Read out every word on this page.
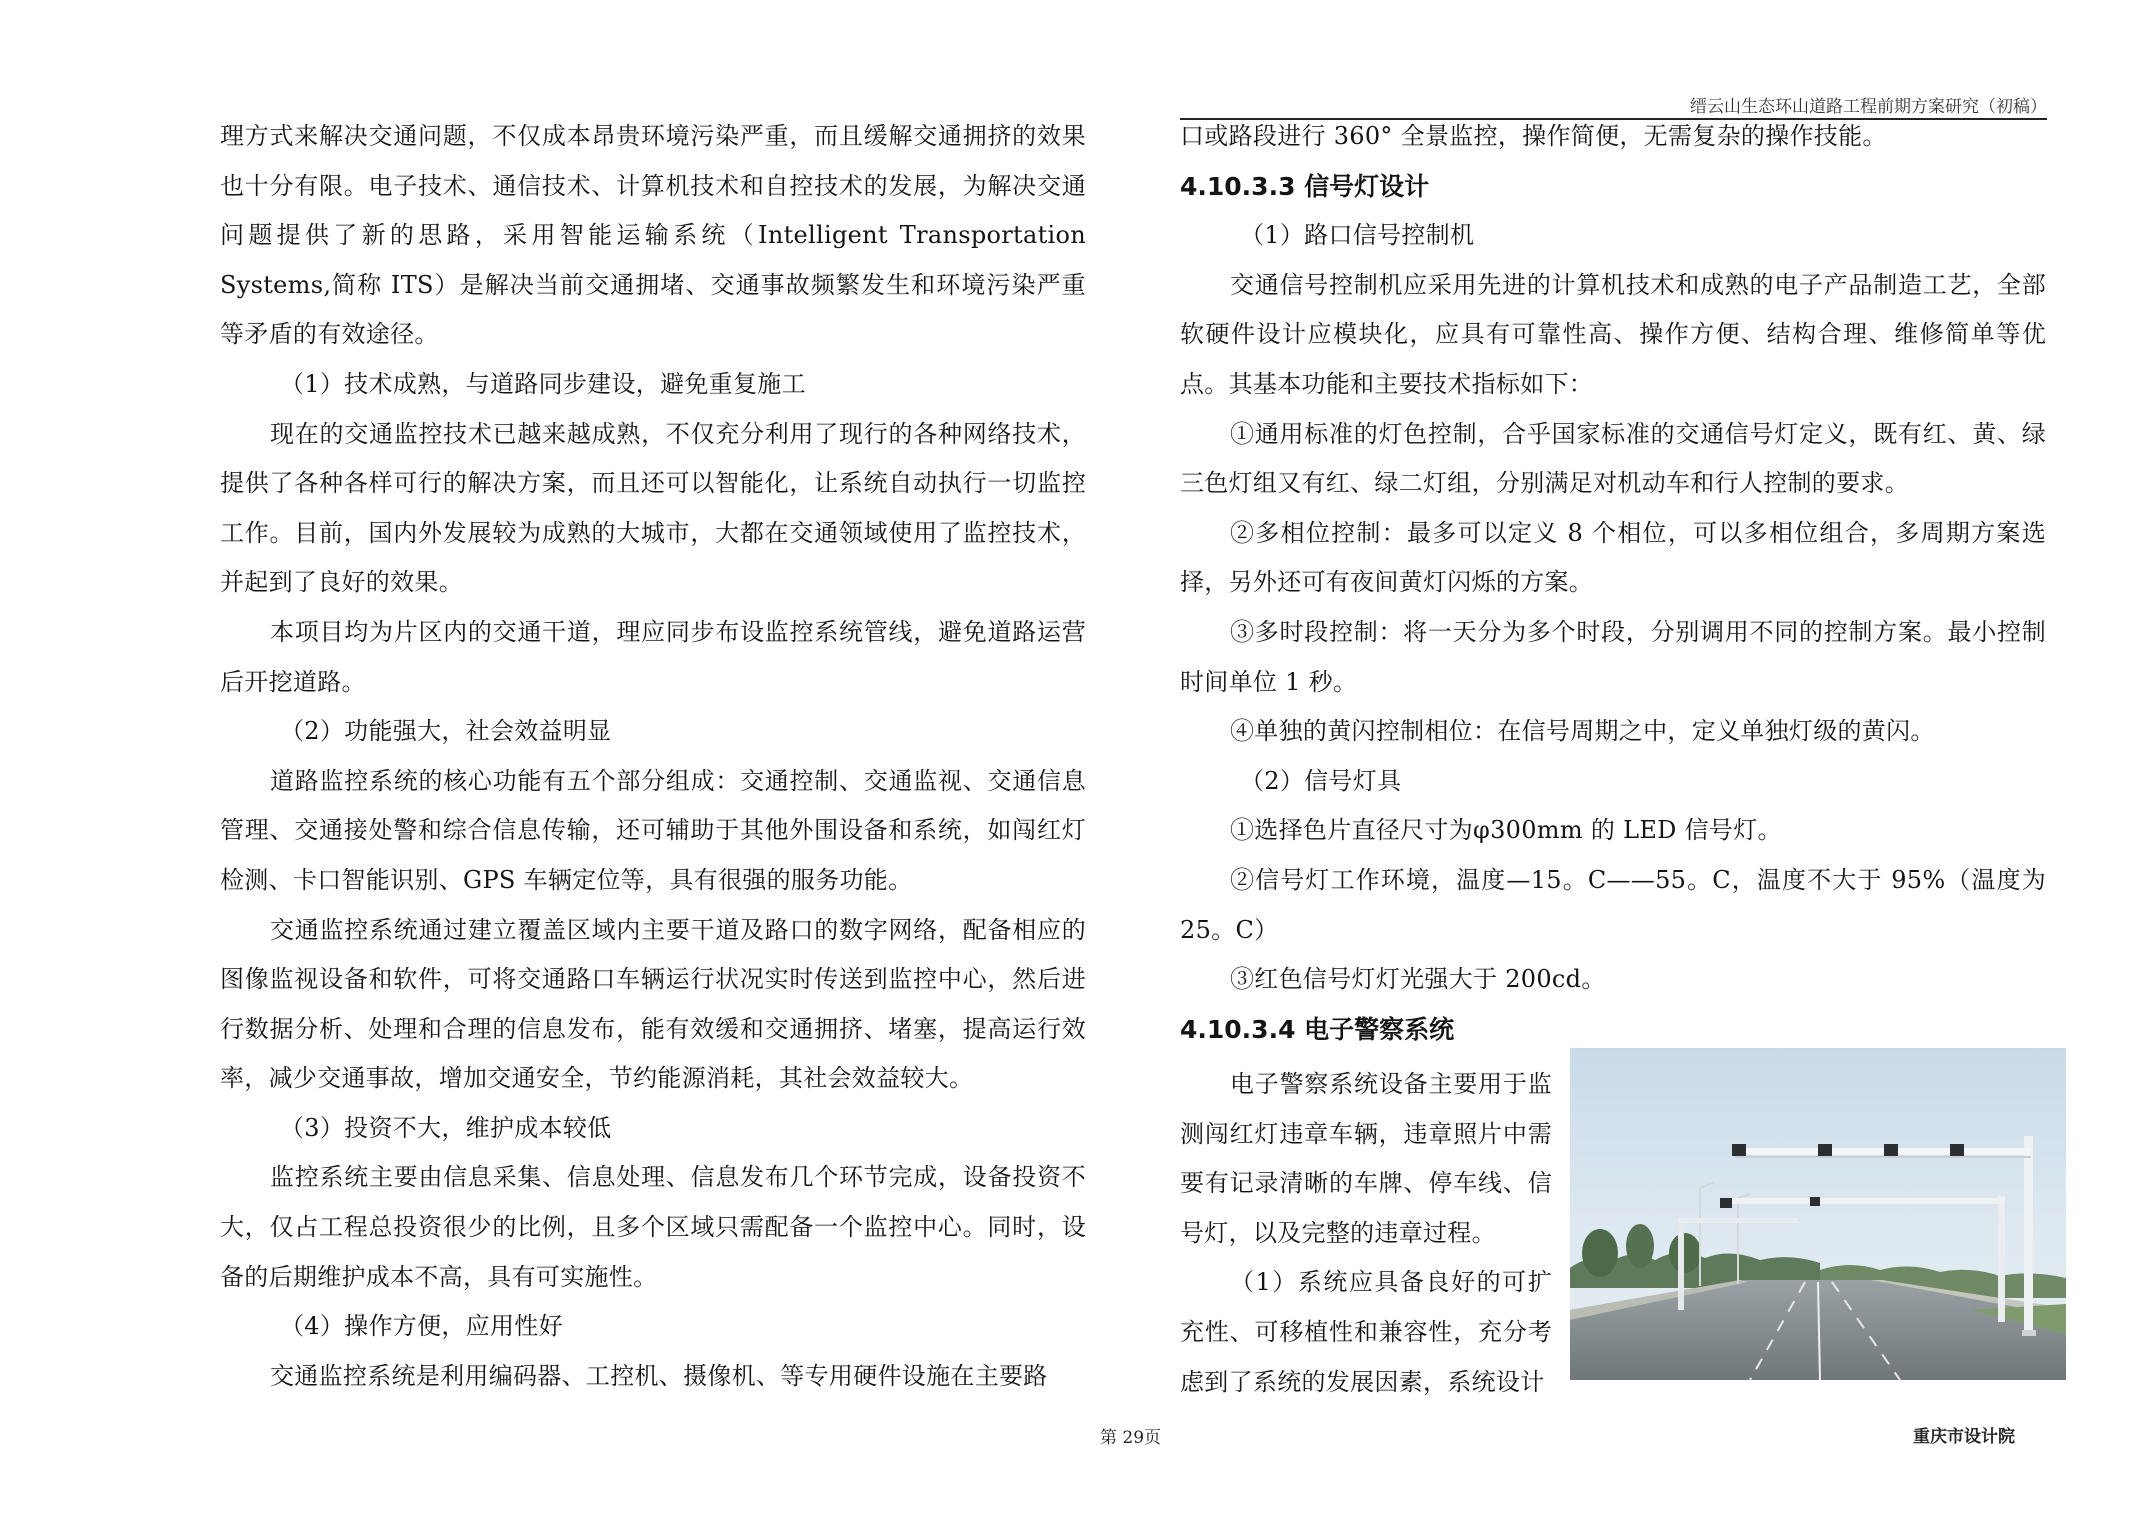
缙云山生态环山道路工程前期方案研究（初稿）

理方式来解决交通问题，不仅成本昂贵环境污染严重，而且缓解交通拥挤的效果也十分有限。电子技术、通信技术、计算机技术和自控技术的发展，为解决交通问题提供了新的思路，采用智能运输系统（Intelligent Transportation Systems,简称 ITS）是解决当前交通拥堵、交通事故频繁发生和环境污染严重等矛盾的有效途径。

（1）技术成熟，与道路同步建设，避免重复施工

现在的交通监控技术已越来越成熟，不仅充分利用了现行的各种网络技术，提供了各种各样可行的解决方案，而且还可以智能化，让系统自动执行一切监控工作。目前，国内外发展较为成熟的大城市，大都在交通领域使用了监控技术，并起到了良好的效果。

本项目均为片区内的交通干道，理应同步布设监控系统管线，避免道路运营后开挖道路。

（2）功能强大，社会效益明显

道路监控系统的核心功能有五个部分组成：交通控制、交通监视、交通信息管理、交通接处警和综合信息传输，还可辅助于其他外围设备和系统，如闯红灯检测、卡口智能识别、GPS 车辆定位等，具有很强的服务功能。

交通监控系统通过建立覆盖区域内主要干道及路口的数字网络，配备相应的图像监视设备和软件，可将交通路口车辆运行状况实时传送到监控中心，然后进行数据分析、处理和合理的信息发布，能有效缓和交通拥挤、堵塞，提高运行效率，减少交通事故，增加交通安全，节约能源消耗，其社会效益较大。

（3）投资不大，维护成本较低

监控系统主要由信息采集、信息处理、信息发布几个环节完成，设备投资不大，仅占工程总投资很少的比例，且多个区域只需配备一个监控中心。同时，设备的后期维护成本不高，具有可实施性。

（4）操作方便，应用性好

交通监控系统是利用编码器、工控机、摄像机、等专用硬件设施在主要路

口或路段进行 360° 全景监控，操作简便，无需复杂的操作技能。

4.10.3.3 信号灯设计

（1）路口信号控制机

交通信号控制机应采用先进的计算机技术和成熟的电子产品制造工艺，全部软硬件设计应模块化，应具有可靠性高、操作方便、结构合理、维修简单等优点。其基本功能和主要技术指标如下：

①通用标准的灯色控制，合乎国家标准的交通信号灯定义，既有红、黄、绿三色灯组又有红、绿二灯组，分别满足对机动车和行人控制的要求。

②多相位控制：最多可以定义 8 个相位，可以多相位组合，多周期方案选择，另外还可有夜间黄灯闪烁的方案。

③多时段控制：将一天分为多个时段，分别调用不同的控制方案。最小控制时间单位 1 秒。

④单独的黄闪控制相位：在信号周期之中，定义单独灯级的黄闪。

（2）信号灯具

①选择色片直径尺寸为φ300mm 的 LED 信号灯。

②信号灯工作环境，温度—15。C——55。C，温度不大于 95%（温度为 25。C）

③红色信号灯灯光强大于 200cd。

4.10.3.4 电子警察系统

电子警察系统设备主要用于监测闯红灯违章车辆，违章照片中需要有记录清晰的车牌、停车线、信号灯，以及完整的违章过程。

（1）系统应具备良好的可扩充性、可移植性和兼容性，充分考虑到了系统的发展因素，系统设计

第 29页	重庆市设计院
